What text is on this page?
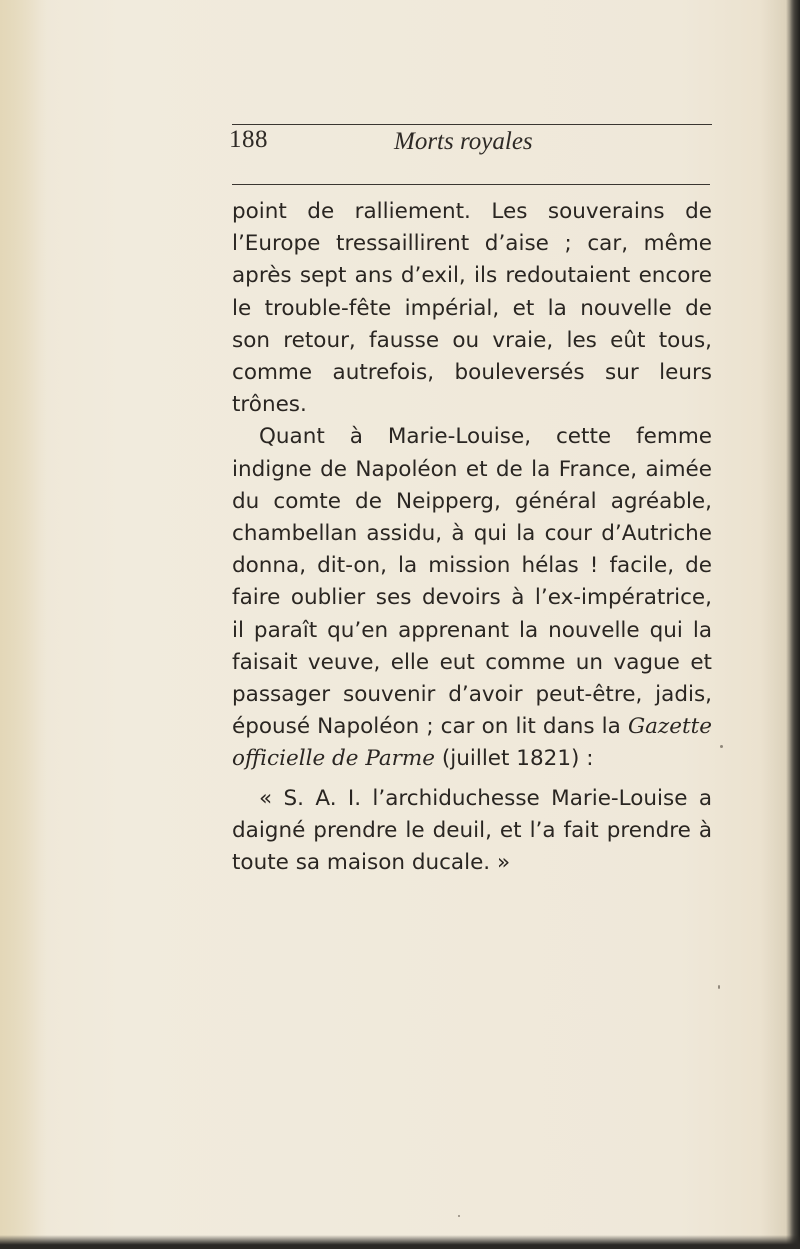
188	Morts royales

point de ralliement. Les souverains de l’Europe tressaillirent d’aise ; car, même après sept ans d’exil, ils redoutaient encore le trouble-fête impérial, et la nouvelle de son retour, fausse ou vraie, les eût tous, comme autrefois, bouleversés sur leurs trônes.

Quant à Marie-Louise, cette femme indigne de Napoléon et de la France, aimée du comte de Neipperg, général agréable, chambellan assidu, à qui la cour d’Autriche donna, dit-on, la mission hélas ! facile, de faire oublier ses devoirs à l’ex-impératrice, il paraît qu’en apprenant la nouvelle qui la faisait veuve, elle eut comme un vague et passager souvenir d’avoir peut-être, jadis, épousé Napoléon ; car on lit dans la Gazette officielle de Parme (juillet 1821) :

« S. A. I. l’archiduchesse Marie-Louise a daigné prendre le deuil, et l’a fait prendre à toute sa maison ducale. »
